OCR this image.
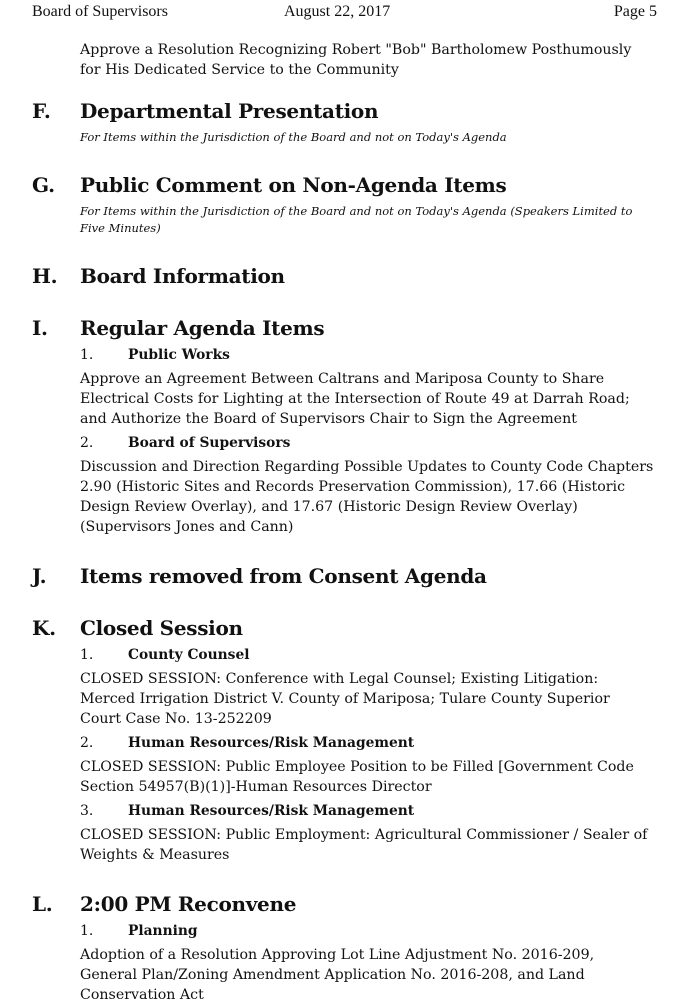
Board of Supervisors	August 22, 2017	Page 5
Approve a Resolution Recognizing Robert "Bob" Bartholomew Posthumously for His Dedicated Service to the Community
F. Departmental Presentation
For Items within the Jurisdiction of the Board and not on Today's Agenda
G. Public Comment on Non-Agenda Items
For Items within the Jurisdiction of the Board and not on Today's Agenda (Speakers Limited to Five Minutes)
H. Board Information
I. Regular Agenda Items
1.	Public Works
Approve an Agreement Between Caltrans and Mariposa County to Share Electrical Costs for Lighting at the Intersection of Route 49 at Darrah Road; and Authorize the Board of Supervisors Chair to Sign the Agreement
2.	Board of Supervisors
Discussion and Direction Regarding Possible Updates to County Code Chapters 2.90 (Historic Sites and Records Preservation Commission), 17.66 (Historic Design Review Overlay), and 17.67 (Historic Design Review Overlay) (Supervisors Jones and Cann)
J. Items removed from Consent Agenda
K. Closed Session
1.	County Counsel
CLOSED SESSION: Conference with Legal Counsel; Existing Litigation: Merced Irrigation District V. County of Mariposa; Tulare County Superior Court Case No. 13-252209
2.	Human Resources/Risk Management
CLOSED SESSION: Public Employee Position to be Filled [Government Code Section 54957(B)(1)]-Human Resources Director
3.	Human Resources/Risk Management
CLOSED SESSION: Public Employment: Agricultural Commissioner / Sealer of Weights & Measures
L. 2:00 PM Reconvene
1.	Planning
Adoption of a Resolution Approving Lot Line Adjustment No. 2016-209, General Plan/Zoning Amendment Application No. 2016-208, and Land Conservation Act
